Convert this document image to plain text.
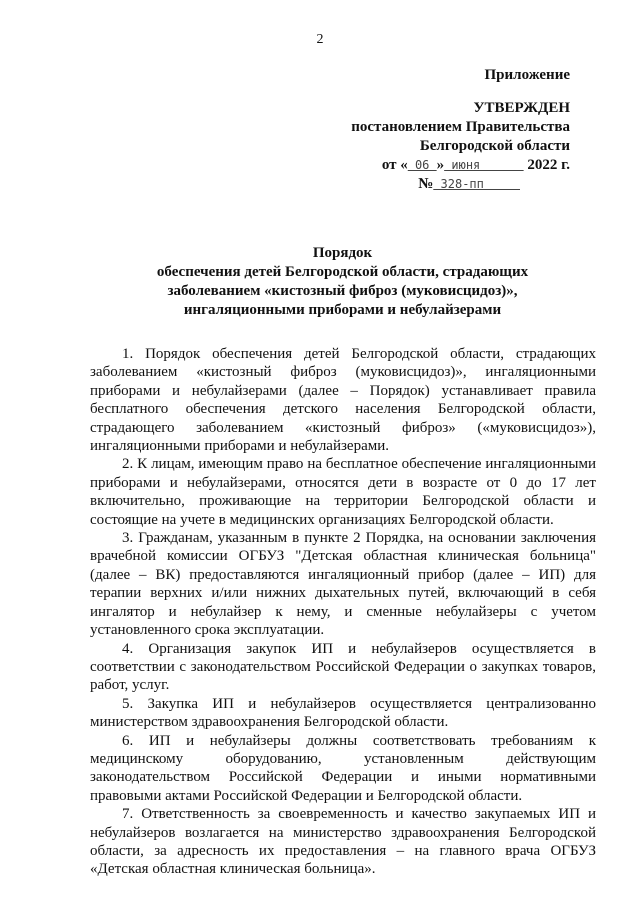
2
Приложение
УТВЕРЖДЕН
постановлением Правительства
Белгородской области
от « 06 » июня       2022 г.
№ 328-пп
Порядок
обеспечения детей Белгородской области, страдающих
заболеванием «кистозный фиброз (муковисцидоз)»,
ингаляционными приборами и небулайзерами

1. Порядок обеспечения детей Белгородской области, страдающих заболеванием «кистозный фиброз (муковисцидоз)», ингаляционными приборами и небулайзерами (далее – Порядок) устанавливает правила бесплатного обеспечения детского населения Белгородской области, страдающего заболеванием «кистозный фиброз» («муковисцидоз»), ингаляционными приборами и небулайзерами.

2. К лицам, имеющим право на бесплатное обеспечение ингаляционными приборами и небулайзерами, относятся дети в возрасте от 0 до 17 лет включительно, проживающие на территории Белгородской области и состоящие на учете в медицинских организациях Белгородской области.

3. Гражданам, указанным в пункте 2 Порядка, на основании заключения врачебной комиссии ОГБУЗ "Детская областная клиническая больница" (далее – ВК) предоставляются ингаляционный прибор (далее – ИП) для терапии верхних и/или нижних дыхательных путей, включающий в себя ингалятор и небулайзер к нему, и сменные небулайзеры с учетом установленного срока эксплуатации.

4. Организация закупок ИП и небулайзеров осуществляется в соответствии с законодательством Российской Федерации о закупках товаров, работ, услуг.

5. Закупка ИП и небулайзеров осуществляется централизованно министерством здравоохранения Белгородской области.

6. ИП и небулайзеры должны соответствовать требованиям к медицинскому оборудованию, установленным действующим законодательством Российской Федерации и иными нормативными правовыми актами Российской Федерации и Белгородской области.

7. Ответственность за своевременность и качество закупаемых ИП и небулайзеров возлагается на министерство здравоохранения Белгородской области, за адресность их предоставления – на главного врача ОГБУЗ «Детская областная клиническая больница».
